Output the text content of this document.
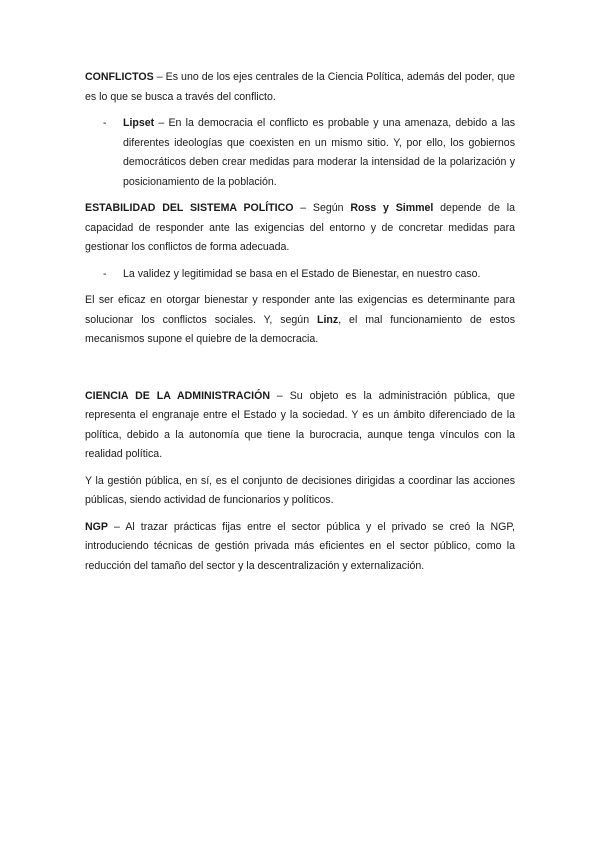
CONFLICTOS – Es uno de los ejes centrales de la Ciencia Política, además del poder, que es lo que se busca a través del conflicto.

- Lipset – En la democracia el conflicto es probable y una amenaza, debido a las diferentes ideologías que coexisten en un mismo sitio. Y, por ello, los gobiernos democráticos deben crear medidas para moderar la intensidad de la polarización y posicionamiento de la población.

ESTABILIDAD DEL SISTEMA POLÍTICO – Según Ross y Simmel depende de la capacidad de responder ante las exigencias del entorno y de concretar medidas para gestionar los conflictos de forma adecuada.

- La validez y legitimidad se basa en el Estado de Bienestar, en nuestro caso.

El ser eficaz en otorgar bienestar y responder ante las exigencias es determinante para solucionar los conflictos sociales. Y, según Linz, el mal funcionamiento de estos mecanismos supone el quiebre de la democracia.

CIENCIA DE LA ADMINISTRACIÓN – Su objeto es la administración pública, que representa el engranaje entre el Estado y la sociedad. Y es un ámbito diferenciado de la política, debido a la autonomía que tiene la burocracia, aunque tenga vínculos con la realidad política.

Y la gestión pública, en sí, es el conjunto de decisiones dirigidas a coordinar las acciones públicas, siendo actividad de funcionarios y políticos.

NGP – Al trazar prácticas fijas entre el sector pública y el privado se creó la NGP, introduciendo técnicas de gestión privada más eficientes en el sector público, como la reducción del tamaño del sector y la descentralización y externalización.
